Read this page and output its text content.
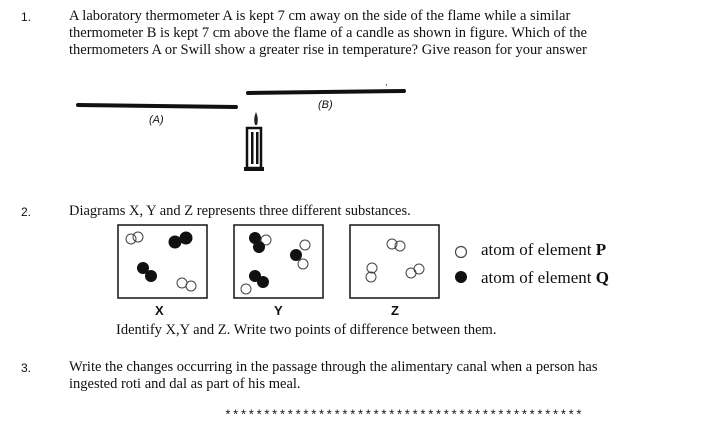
1.	A laboratory thermometer A is kept 7 cm away on the side of the flame while a similar
thermometer B is kept 7 cm above the flame of a candle as shown in figure. Which of the
thermometers A or Swill show a greater rise in temperature? Give reason for your answer
(A)
(B)
2.	Diagrams X, Y and Z represents three different substances.
X	Y	Z
atom of element P
atom of element Q
Identify X,Y and Z. Write two points of difference between them.
3.	Write the changes occurring in the passage through the alimentary canal when a person has
ingested roti and dal as part of his meal.
**********************************************
